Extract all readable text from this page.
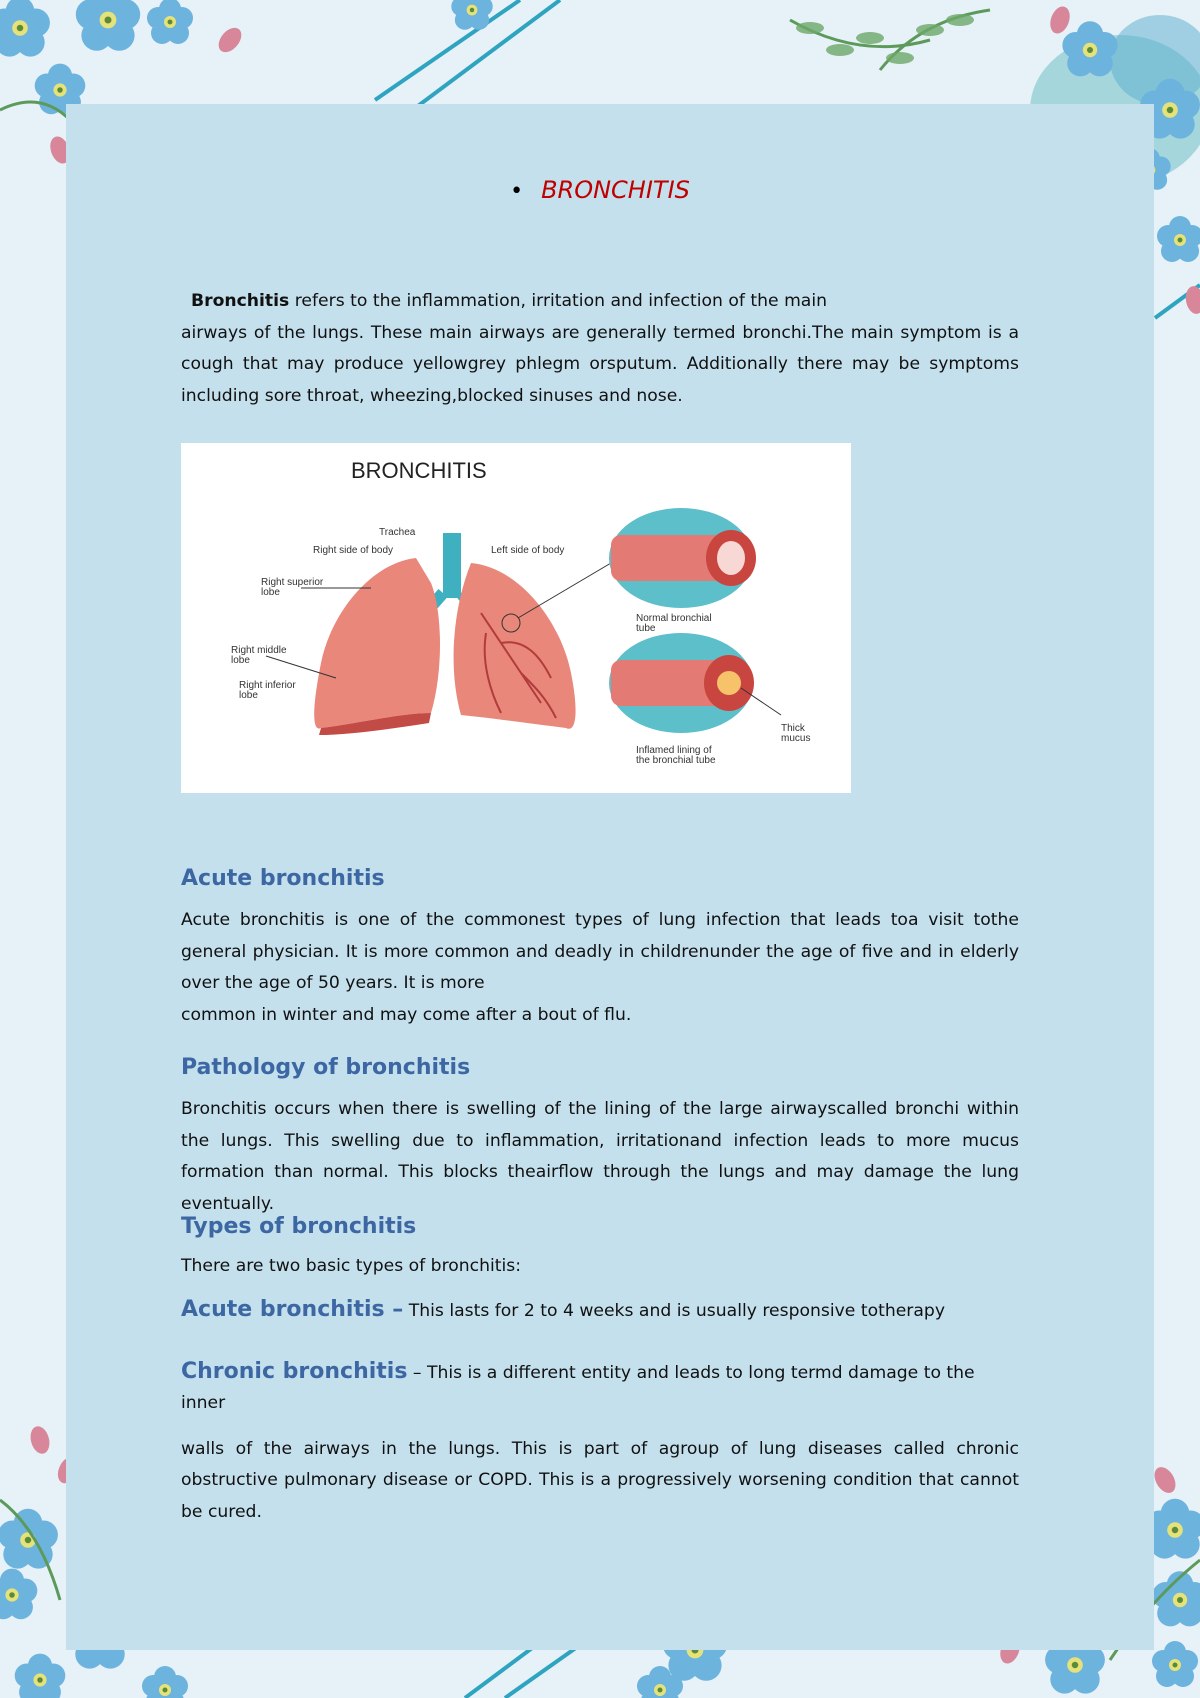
• BRONCHITIS
Bronchitis refers to the inflammation, irritation and infection of the main
airways of the lungs. These main airways are generally termed bronchi.The main symptom is a cough that may produce yellowgrey phlegm orsputum. Additionally there may be symptoms including sore throat, wheezing,blocked sinuses and nose.
BRONCHITIS
Trachea
Right side of body	Left side of body
Right superior
lobe
Right middle
lobe
Right inferior
lobe
Normal bronchial
tube
Thick
mucus
Inflamed lining of
the bronchial tube
Acute bronchitis
Acute bronchitis is one of the commonest types of lung infection that leads toa visit tothe general physician. It is more common and deadly in childrenunder the age of five and in elderly over the age of 50 years. It is more
common in winter and may come after a bout of flu.
Pathology of bronchitis
Bronchitis occurs when there is swelling of the lining of the large airwayscalled bronchi within the lungs. This swelling due to inflammation, irritationand infection leads to more mucus formation than normal. This blocks theairflow through the lungs and may damage the lung eventually.
Types of bronchitis
There are two basic types of bronchitis:
Acute bronchitis – This lasts for 2 to 4 weeks and is usually responsive totherapy
Chronic bronchitis – This is a different entity and leads to long termd damage to the inner
walls of the airways in the lungs. This is part of agroup of lung diseases called chronic obstructive pulmonary disease or COPD. This is a progressively worsening condition that cannot be cured.
